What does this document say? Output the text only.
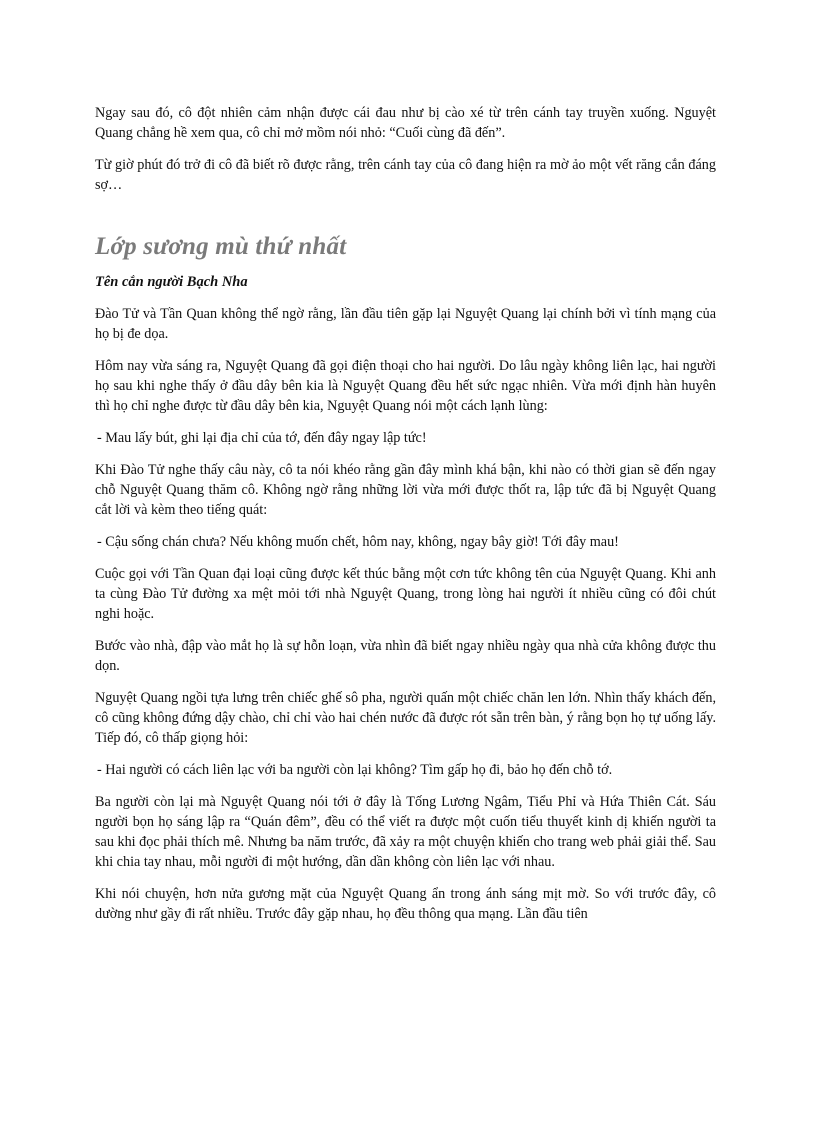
Ngay sau đó, cô đột nhiên cảm nhận được cái đau như bị cào xé từ trên cánh tay truyền xuống. Nguyệt Quang chẳng hề xem qua, cô chỉ mở mồm nói nhỏ: “Cuối cùng đã đến”.

Từ giờ phút đó trở đi cô đã biết rõ được rằng, trên cánh tay của cô đang hiện ra mờ ảo một vết răng cắn đáng sợ…

Lớp sương mù thứ nhất
Tên cắn người Bạch Nha

Đào Tử và Tần Quan không thể ngờ rằng, lần đầu tiên gặp lại Nguyệt Quang lại chính bởi vì tính mạng của họ bị đe dọa.

Hôm nay vừa sáng ra, Nguyệt Quang đã gọi điện thoại cho hai người. Do lâu ngày không liên lạc, hai người họ sau khi nghe thấy ở đầu dây bên kia là Nguyệt Quang đều hết sức ngạc nhiên. Vừa mới định hàn huyên thì họ chỉ nghe được từ đầu dây bên kia, Nguyệt Quang nói một cách lạnh lùng:

- Mau lấy bút, ghi lại địa chỉ của tớ, đến đây ngay lập tức!

Khi Đào Tử nghe thấy câu này, cô ta nói khéo rằng gần đây mình khá bận, khi nào có thời gian sẽ đến ngay chỗ Nguyệt Quang thăm cô. Không ngờ rằng những lời vừa mới được thốt ra, lập tức đã bị Nguyệt Quang cắt lời và kèm theo tiếng quát:

- Cậu sống chán chưa? Nếu không muốn chết, hôm nay, không, ngay bây giờ! Tới đây mau!

Cuộc gọi với Tần Quan đại loại cũng được kết thúc bằng một cơn tức không tên của Nguyệt Quang. Khi anh ta cùng Đào Tử đường xa mệt mỏi tới nhà Nguyệt Quang, trong lòng hai người ít nhiều cũng có đôi chút nghi hoặc.

Bước vào nhà, đập vào mắt họ là sự hỗn loạn, vừa nhìn đã biết ngay nhiều ngày qua nhà cửa không được thu dọn.

Nguyệt Quang ngồi tựa lưng trên chiếc ghế sô pha, người quấn một chiếc chăn len lớn. Nhìn thấy khách đến, cô cũng không đứng dậy chào, chỉ chỉ vào hai chén nước đã được rót sẵn trên bàn, ý rằng bọn họ tự uống lấy. Tiếp đó, cô thấp giọng hỏi:

- Hai người có cách liên lạc với ba người còn lại không? Tìm gấp họ đi, bảo họ đến chỗ tớ.

Ba người còn lại mà Nguyệt Quang nói tới ở đây là Tống Lương Ngâm, Tiểu Phỉ và Hứa Thiên Cát. Sáu người bọn họ sáng lập ra “Quán đêm”, đều có thể viết ra được một cuốn tiểu thuyết kinh dị khiến người ta sau khi đọc phải thích mê. Nhưng ba năm trước, đã xảy ra một chuyện khiến cho trang web phải giải thể. Sau khi chia tay nhau, mỗi người đi một hướng, dần dần không còn liên lạc với nhau.

Khi nói chuyện, hơn nửa gương mặt của Nguyệt Quang ẩn trong ánh sáng mịt mờ. So với trước đây, cô dường như gầy đi rất nhiều. Trước đây gặp nhau, họ đều thông qua mạng. Lần đầu tiên
